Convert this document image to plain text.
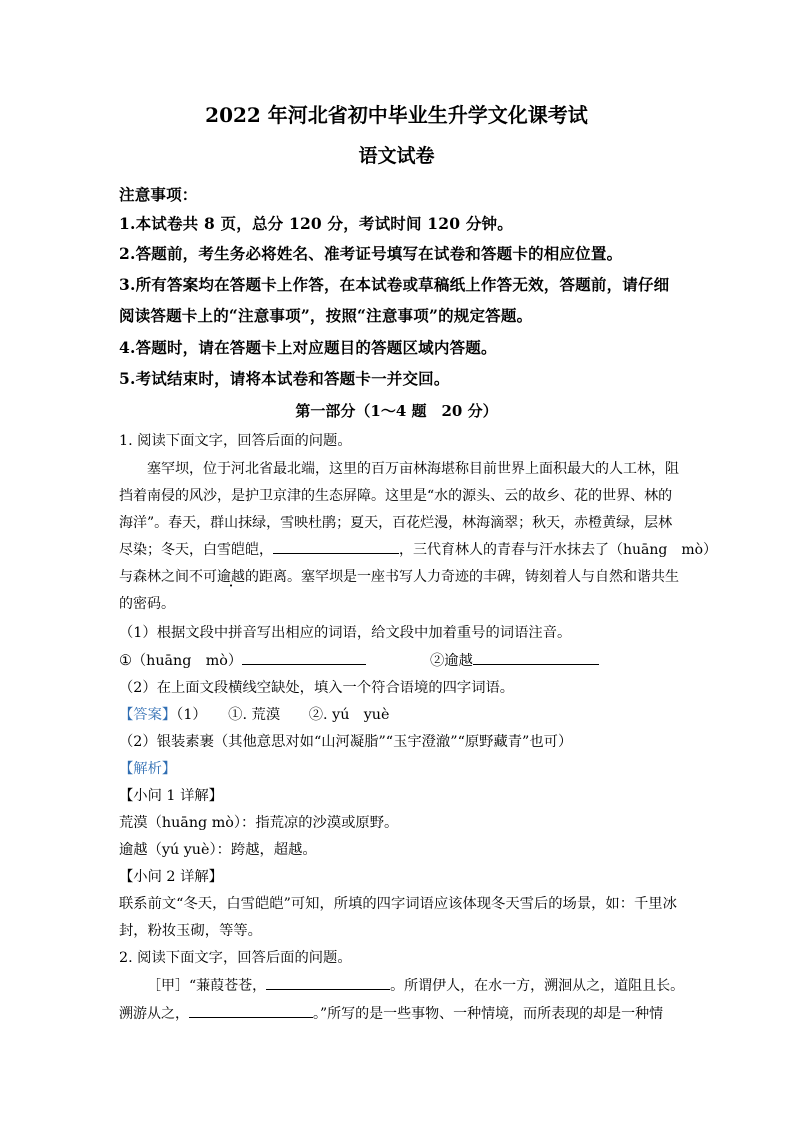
2022 年河北省初中毕业生升学文化课考试
语文试卷
注意事项：
1.本试卷共 8 页，总分 120 分，考试时间 120 分钟。
2.答题前，考生务必将姓名、准考证号填写在试卷和答题卡的相应位置。
3.所有答案均在答题卡上作答，在本试卷或草稿纸上作答无效，答题前，请仔细
阅读答题卡上的“注意事项”，按照“注意事项”的规定答题。
4.答题时，请在答题卡上对应题目的答题区域内答题。
5.考试结束时，请将本试卷和答题卡一并交回。
第一部分（1～4 题　20 分）
1. 阅读下面文字，回答后面的问题。
塞罕坝，位于河北省最北端，这里的百万亩林海堪称目前世界上面积最大的人工林，阻
挡着南侵的风沙，是护卫京津的生态屏障。这里是“水的源头、云的故乡、花的世界、林的
海洋”。春天，群山抹绿，雪映杜鹃；夏天，百花烂漫，林海滴翠；秋天，赤橙黄绿，层林
尽染；冬天，白雪皑皑，	，三代育林人的青春与汗水抹去了（huāng　mò）
与森林之间不可逾越的距离。塞罕坝是一座书写人力奇迹的丰碑，铸刻着人与自然和谐共生
的密码。
（1）根据文段中拼音写出相应的词语，给文段中加着重号的词语注音。
①（huāng　mò）	②逾越
（2）在上面文段横线空缺处，填入一个符合语境的四字词语。
【答案】（1）　　①. 荒漠　　②. yú　yuè
（2）银装素裹（其他意思对如“山河凝脂”“玉宇澄澈”“原野藏青”也可）
【解析】
【小问 1 详解】
荒漠（huāng mò）：指荒凉的沙漠或原野。
逾越（yú yuè）：跨越，超越。
【小问 2 详解】
联系前文“冬天，白雪皑皑”可知，所填的四字词语应该体现冬天雪后的场景，如：千里冰
封，粉妆玉砌，等等。
2. 阅读下面文字，回答后面的问题。
［甲］“蒹葭苍苍，	。所谓伊人，在水一方，溯洄从之，道阻且长。
溯游从之，	。”所写的是一些事物、一种情境，而所表现的却是一种情
